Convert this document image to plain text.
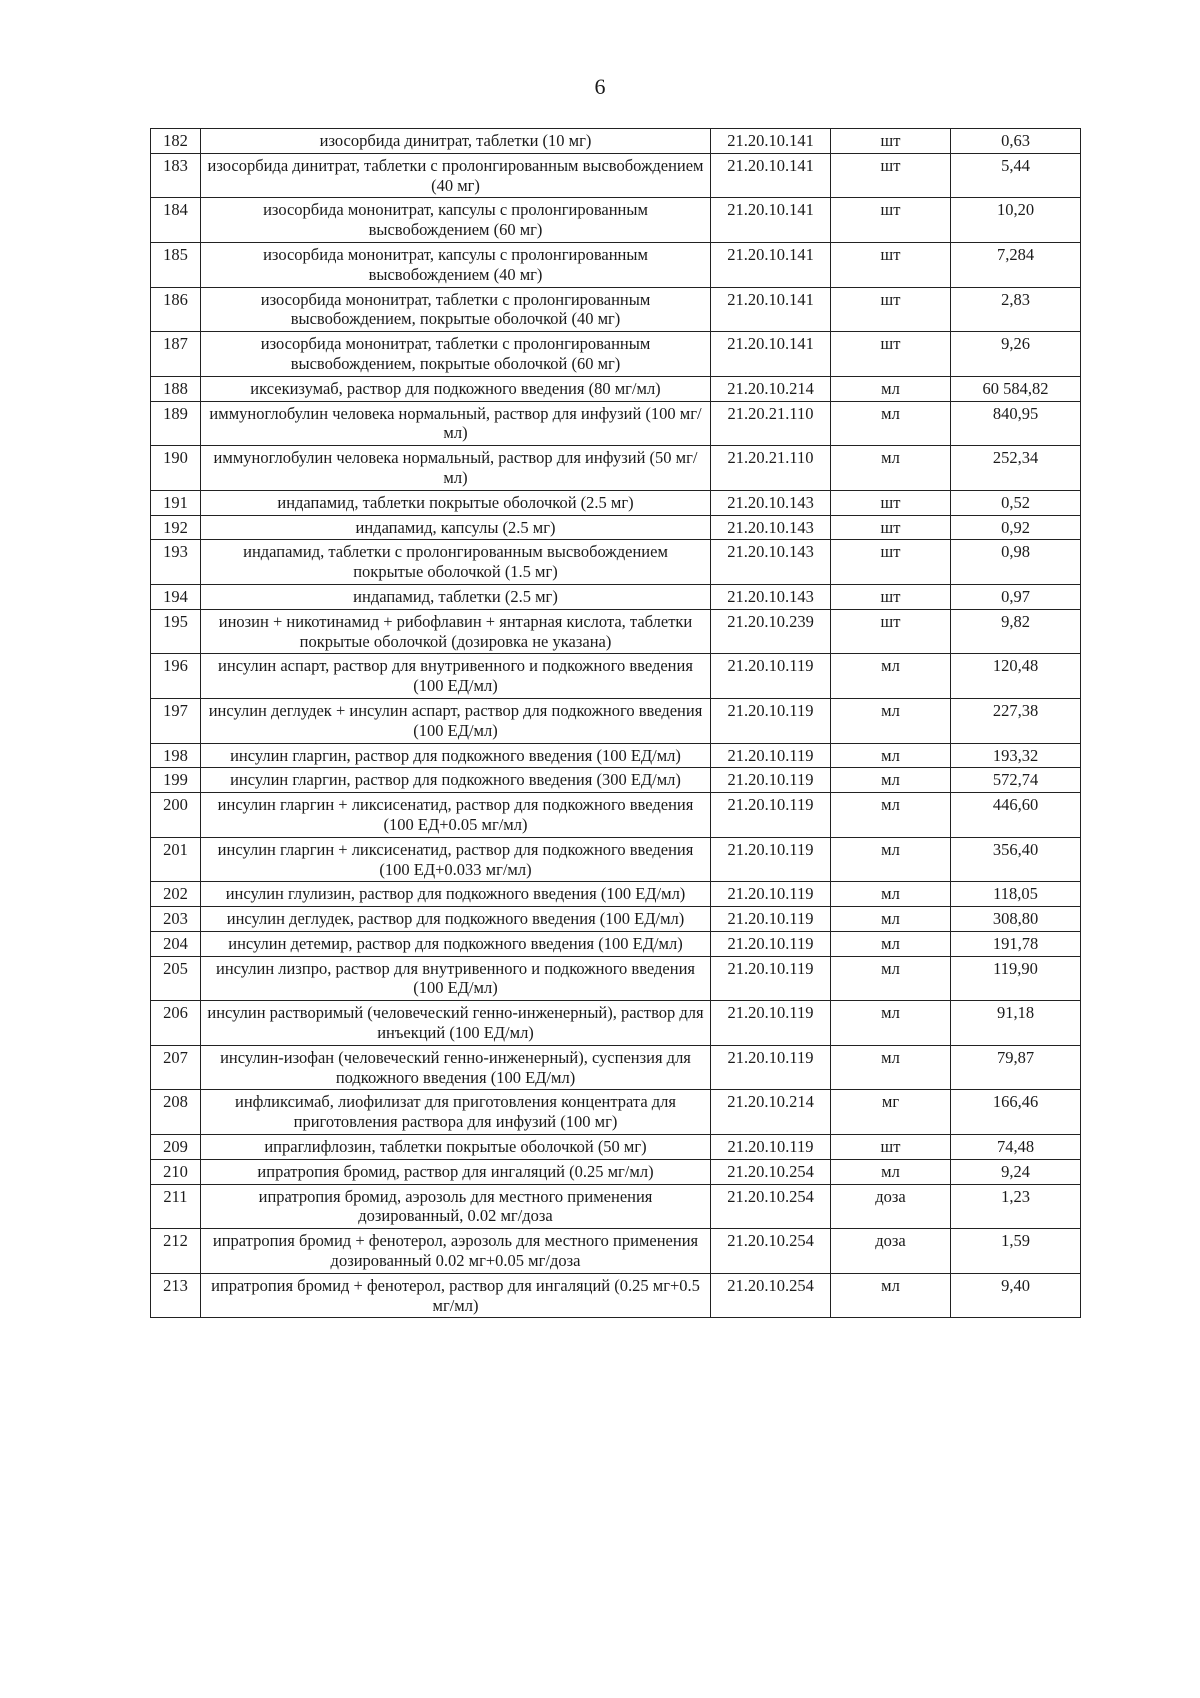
6
182	изосорбида динитрат, таблетки (10 мг)	21.20.10.141	шт	0,63
183	изосорбида динитрат, таблетки с пролонгированным высвобождением (40 мг)	21.20.10.141	шт	5,44
184	изосорбида мононитрат, капсулы с пролонгированным высвобождением (60 мг)	21.20.10.141	шт	10,20
185	изосорбида мононитрат, капсулы с пролонгированным высвобождением (40 мг)	21.20.10.141	шт	7,284
186	изосорбида мононитрат, таблетки с пролонгированным высвобождением, покрытые оболочкой (40 мг)	21.20.10.141	шт	2,83
187	изосорбида мононитрат, таблетки с пролонгированным высвобождением, покрытые оболочкой (60 мг)	21.20.10.141	шт	9,26
188	иксекизумаб, раствор для подкожного введения (80 мг/мл)	21.20.10.214	мл	60 584,82
189	иммуноглобулин человека нормальный, раствор для инфузий (100 мг/мл)	21.20.21.110	мл	840,95
190	иммуноглобулин человека нормальный, раствор для инфузий (50 мг/мл)	21.20.21.110	мл	252,34
191	индапамид, таблетки покрытые оболочкой (2.5 мг)	21.20.10.143	шт	0,52
192	индапамид, капсулы (2.5 мг)	21.20.10.143	шт	0,92
193	индапамид, таблетки с пролонгированным высвобождением покрытые оболочкой (1.5 мг)	21.20.10.143	шт	0,98
194	индапамид, таблетки (2.5 мг)	21.20.10.143	шт	0,97
195	инозин + никотинамид + рибофлавин + янтарная кислота, таблетки покрытые оболочкой (дозировка не указана)	21.20.10.239	шт	9,82
196	инсулин аспарт, раствор для внутривенного и подкожного введения (100 ЕД/мл)	21.20.10.119	мл	120,48
197	инсулин деглудек + инсулин аспарт, раствор для подкожного введения (100 ЕД/мл)	21.20.10.119	мл	227,38
198	инсулин гларгин, раствор для подкожного введения (100 ЕД/мл)	21.20.10.119	мл	193,32
199	инсулин гларгин, раствор для подкожного введения (300 ЕД/мл)	21.20.10.119	мл	572,74
200	инсулин гларгин + ликсисенатид, раствор для подкожного введения (100 ЕД+0.05 мг/мл)	21.20.10.119	мл	446,60
201	инсулин гларгин + ликсисенатид, раствор для подкожного введения (100 ЕД+0.033 мг/мл)	21.20.10.119	мл	356,40
202	инсулин глулизин, раствор для подкожного введения (100 ЕД/мл)	21.20.10.119	мл	118,05
203	инсулин деглудек, раствор для подкожного введения (100 ЕД/мл)	21.20.10.119	мл	308,80
204	инсулин детемир, раствор для подкожного введения (100 ЕД/мл)	21.20.10.119	мл	191,78
205	инсулин лизпро, раствор для внутривенного и подкожного введения (100 ЕД/мл)	21.20.10.119	мл	119,90
206	инсулин растворимый (человеческий генно-инженерный), раствор для инъекций (100 ЕД/мл)	21.20.10.119	мл	91,18
207	инсулин-изофан (человеческий генно-инженерный), суспензия для подкожного введения (100 ЕД/мл)	21.20.10.119	мл	79,87
208	инфликсимаб, лиофилизат для приготовления концентрата для приготовления раствора для инфузий (100 мг)	21.20.10.214	мг	166,46
209	ипраглифлозин, таблетки покрытые оболочкой (50 мг)	21.20.10.119	шт	74,48
210	ипратропия бромид, раствор для ингаляций (0.25 мг/мл)	21.20.10.254	мл	9,24
211	ипратропия бромид, аэрозоль для местного применения дозированный, 0.02 мг/доза	21.20.10.254	доза	1,23
212	ипратропия бромид + фенотерол, аэрозоль для местного применения дозированный 0.02 мг+0.05 мг/доза	21.20.10.254	доза	1,59
213	ипратропия бромид + фенотерол, раствор для ингаляций (0.25 мг+0.5 мг/мл)	21.20.10.254	мл	9,40
